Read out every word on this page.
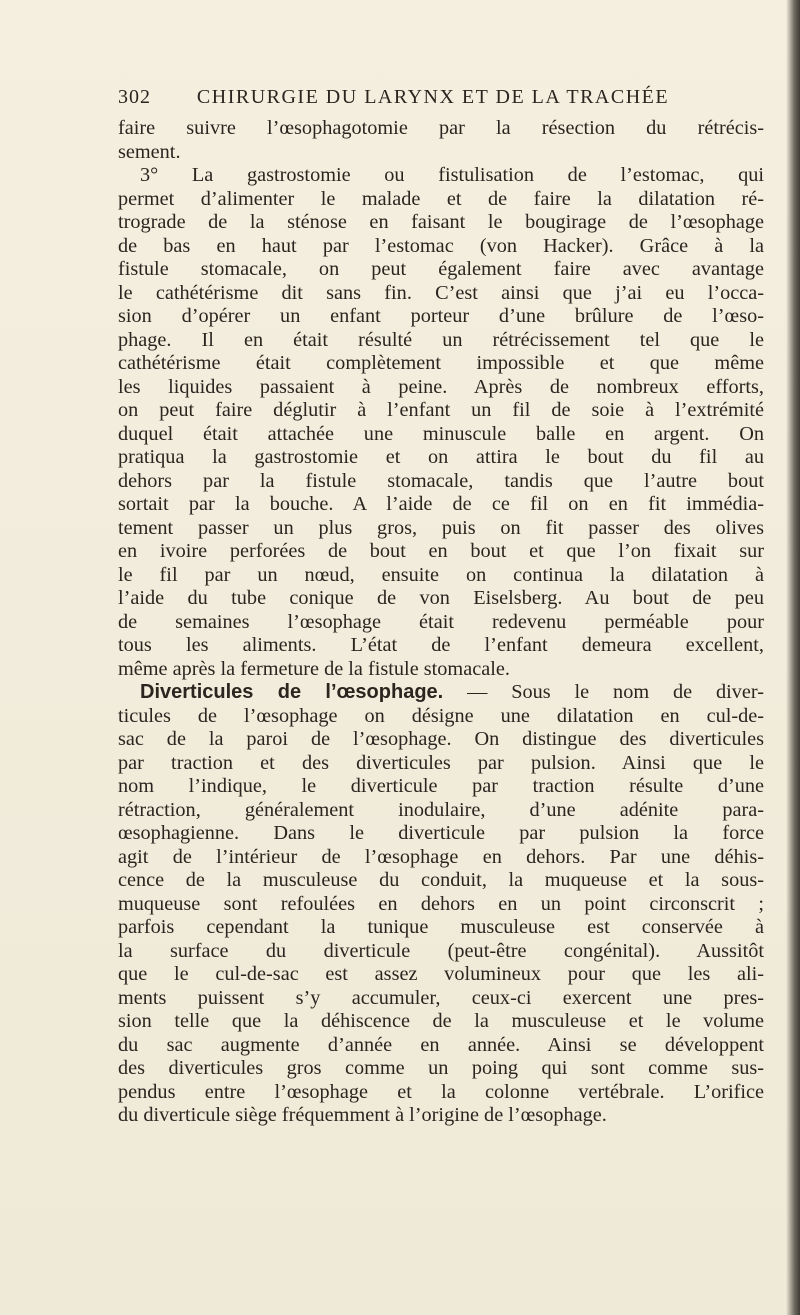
302	CHIRURGIE DU LARYNX ET DE LA TRACHÉE
faire suivre l’œsophagotomie par la résection du rétrécis-
sement.
3° La gastrostomie ou fistulisation de l’estomac, qui
permet d’alimenter le malade et de faire la dilatation ré-
trograde de la sténose en faisant le bougirage de l’œsophage
de bas en haut par l’estomac (von Hacker). Grâce à la
fistule stomacale, on peut également faire avec avantage
le cathétérisme dit sans fin. C’est ainsi que j’ai eu l’occa-
sion d’opérer un enfant porteur d’une brûlure de l’œso-
phage. Il en était résulté un rétrécissement tel que le
cathétérisme était complètement impossible et que même
les liquides passaient à peine. Après de nombreux efforts,
on peut faire déglutir à l’enfant un fil de soie à l’extrémité
duquel était attachée une minuscule balle en argent. On
pratiqua la gastrostomie et on attira le bout du fil au
dehors par la fistule stomacale, tandis que l’autre bout
sortait par la bouche. A l’aide de ce fil on en fit immédia-
tement passer un plus gros, puis on fit passer des olives
en ivoire perforées de bout en bout et que l’on fixait sur
le fil par un nœud, ensuite on continua la dilatation à
l’aide du tube conique de von Eiselsberg. Au bout de peu
de semaines l’œsophage était redevenu perméable pour
tous les aliments. L’état de l’enfant demeura excellent,
même après la fermeture de la fistule stomacale.
Diverticules de l’œsophage. — Sous le nom de diver-
ticules de l’œsophage on désigne une dilatation en cul-de-
sac de la paroi de l’œsophage. On distingue des diverticules
par traction et des diverticules par pulsion. Ainsi que le
nom l’indique, le diverticule par traction résulte d’une
rétraction, généralement inodulaire, d’une adénite para-
œsophagienne. Dans le diverticule par pulsion la force
agit de l’intérieur de l’œsophage en dehors. Par une déhis-
cence de la musculeuse du conduit, la muqueuse et la sous-
muqueuse sont refoulées en dehors en un point circonscrit ;
parfois cependant la tunique musculeuse est conservée à
la surface du diverticule (peut-être congénital). Aussitôt
que le cul-de-sac est assez volumineux pour que les ali-
ments puissent s’y accumuler, ceux-ci exercent une pres-
sion telle que la déhiscence de la musculeuse et le volume
du sac augmente d’année en année. Ainsi se développent
des diverticules gros comme un poing qui sont comme sus-
pendus entre l’œsophage et la colonne vertébrale. L’orifice
du diverticule siège fréquemment à l’origine de l’œsophage.
